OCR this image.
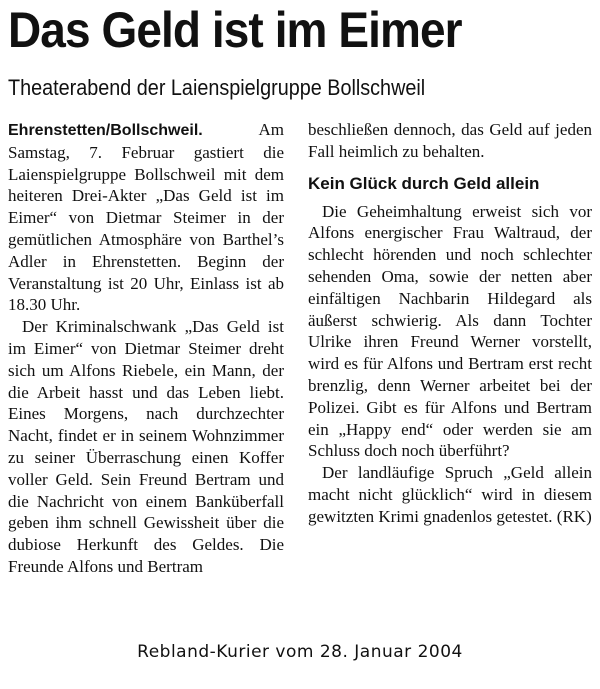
Das Geld ist im Eimer
Theaterabend der Laienspielgruppe Bollschweil

Ehrenstetten/Bollschweil.	Am Samstag, 7. Februar gastiert die Laienspielgruppe Bollschweil mit dem heiteren Drei-Akter „Das Geld ist im Eimer“ von Dietmar Steimer in der gemütlichen Atmosphäre von Barthel’s Adler in Ehrenstetten. Beginn der Veranstaltung ist 20 Uhr, Einlass ist ab 18.30 Uhr.

Der Kriminalschwank „Das Geld ist im Eimer“ von Dietmar Steimer dreht sich um Alfons Riebele, ein Mann, der die Arbeit hasst und das Leben liebt. Eines Morgens, nach durchzechter Nacht, findet er in seinem Wohnzimmer zu seiner Überraschung einen Koffer voller Geld. Sein Freund Bertram und die Nachricht von einem Banküberfall geben ihm schnell Gewissheit über die dubiose Herkunft des Geldes. Die Freunde Alfons und Bertram

beschließen dennoch, das Geld auf jeden Fall heimlich zu behalten.

Kein Glück durch Geld allein

Die Geheimhaltung erweist sich vor Alfons energischer Frau Waltraud, der schlecht hörenden und noch schlechter sehenden Oma, sowie der netten aber einfältigen Nachbarin Hildegard als äußerst schwierig. Als dann Tochter Ulrike ihren Freund Werner vorstellt, wird es für Alfons und Bertram erst recht brenzlig, denn Werner arbeitet bei der Polizei. Gibt es für Alfons und Bertram ein „Happy end“ oder werden sie am Schluss doch noch überführt?

Der landläufige Spruch „Geld allein macht nicht glücklich“ wird in diesem gewitzten Krimi gnadenlos getestet. (RK)

Rebland-Kurier vom 28. Januar 2004
